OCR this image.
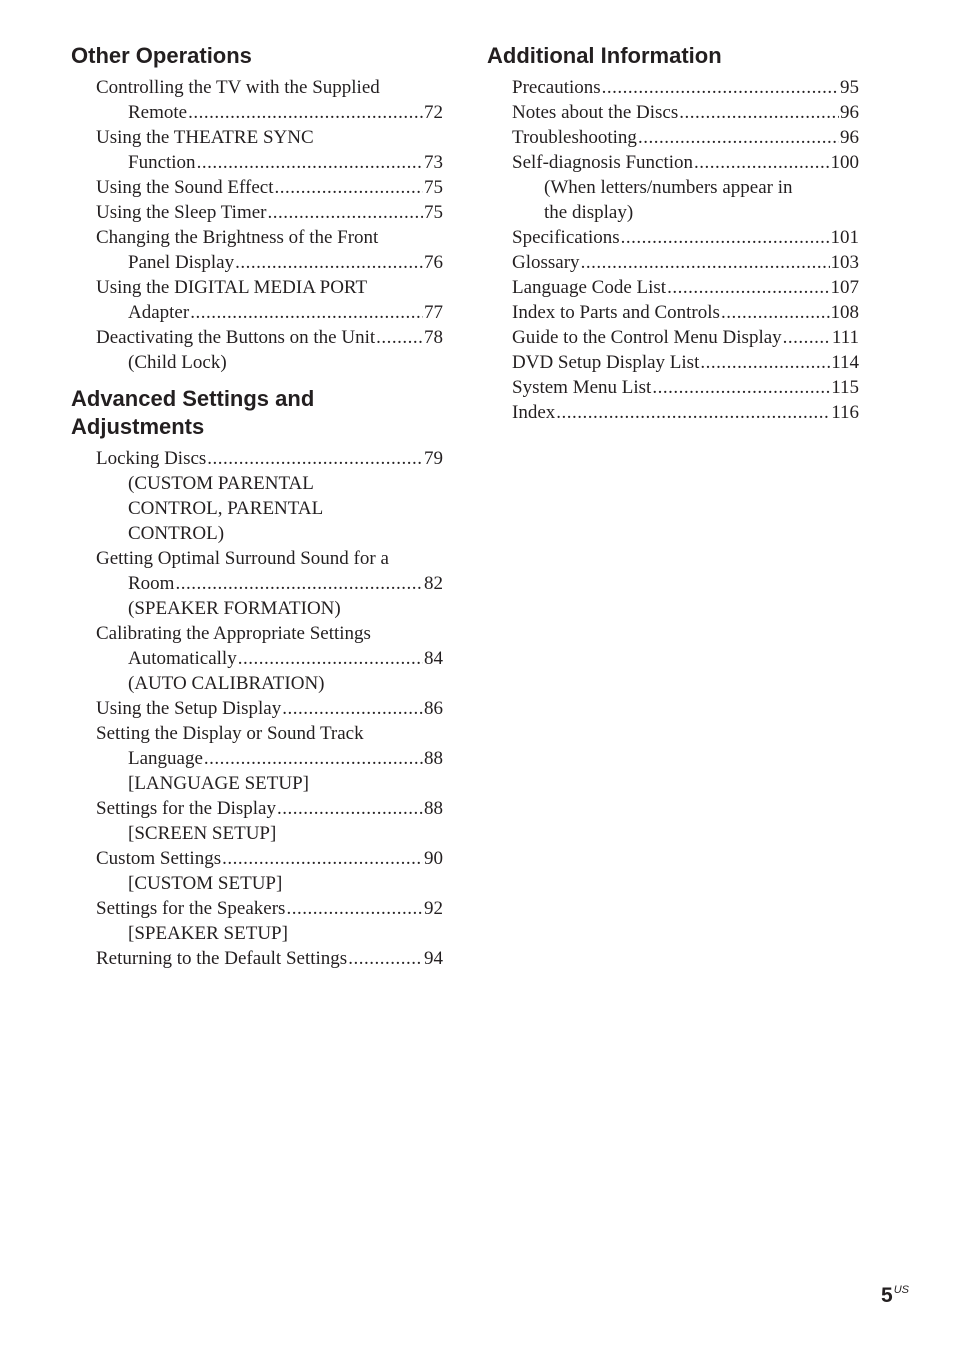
Other Operations
Controlling the TV with the Supplied
Remote .....	72
Using the THEATRE SYNC
Function .....	73
Using the Sound Effect .....	75
Using the Sleep Timer .....	75
Changing the Brightness of the Front
Panel Display .....	76
Using the DIGITAL MEDIA PORT
Adapter .....	77
Deactivating the Buttons on the Unit .....	78
(Child Lock)
Advanced Settings and
Adjustments
Locking Discs .....	79
(CUSTOM PARENTAL
CONTROL, PARENTAL
CONTROL)
Getting Optimal Surround Sound for a
Room .....	82
(SPEAKER FORMATION)
Calibrating the Appropriate Settings
Automatically .....	84
(AUTO CALIBRATION)
Using the Setup Display .....	86
Setting the Display or Sound Track
Language .....	88
[LANGUAGE SETUP]
Settings for the Display .....	88
[SCREEN SETUP]
Custom Settings .....	90
[CUSTOM SETUP]
Settings for the Speakers .....	92
[SPEAKER SETUP]
Returning to the Default Settings .....	94
Additional Information
Precautions .....	95
Notes about the Discs .....	96
Troubleshooting .....	96
Self-diagnosis Function .....	100
(When letters/numbers appear in
the display)
Specifications .....	101
Glossary .....	103
Language Code List .....	107
Index to Parts and Controls .....	108
Guide to the Control Menu Display .....	111
DVD Setup Display List .....	114
System Menu List .....	115
Index .....	116
$5^{US}$
